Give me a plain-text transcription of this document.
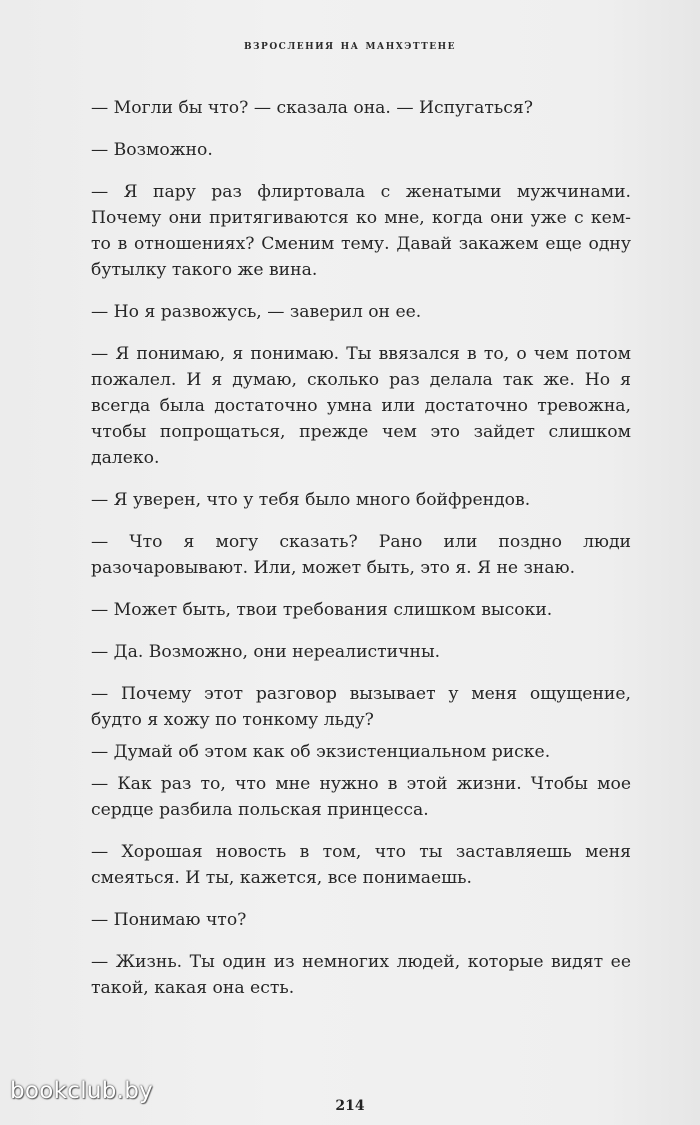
взросления на манхэттене

— Могли бы что? — сказала она. — Испугаться?

— Возможно.

— Я пару раз флиртовала с женатыми мужчинами. Почему они притягиваются ко мне, когда они уже с кем-то в отношениях? Сменим тему. Давай закажем еще одну бутылку такого же вина.

— Но я развожусь, — заверил он ее.

— Я понимаю, я понимаю. Ты ввязался в то, о чем потом пожалел. И я думаю, сколько раз делала так же. Но я всегда была достаточно умна или достаточно тревожна, чтобы попрощаться, прежде чем это зайдет слишком далеко.

— Я уверен, что у тебя было много бойфрендов.

— Что я могу сказать? Рано или поздно люди разочаровывают. Или, может быть, это я. Я не знаю.

— Может быть, твои требования слишком высоки.

— Да. Возможно, они нереалистичны.

— Почему этот разговор вызывает у меня ощущение, будто я хожу по тонкому льду?

— Думай об этом как об экзистенциальном риске.

— Как раз то, что мне нужно в этой жизни. Чтобы мое сердце разбила польская принцесса.

— Хорошая новость в том, что ты заставляешь меня смеяться. И ты, кажется, все понимаешь.

— Понимаю что?

— Жизнь. Ты один из немногих людей, которые видят ее такой, какая она есть.

214
bookclub.by
